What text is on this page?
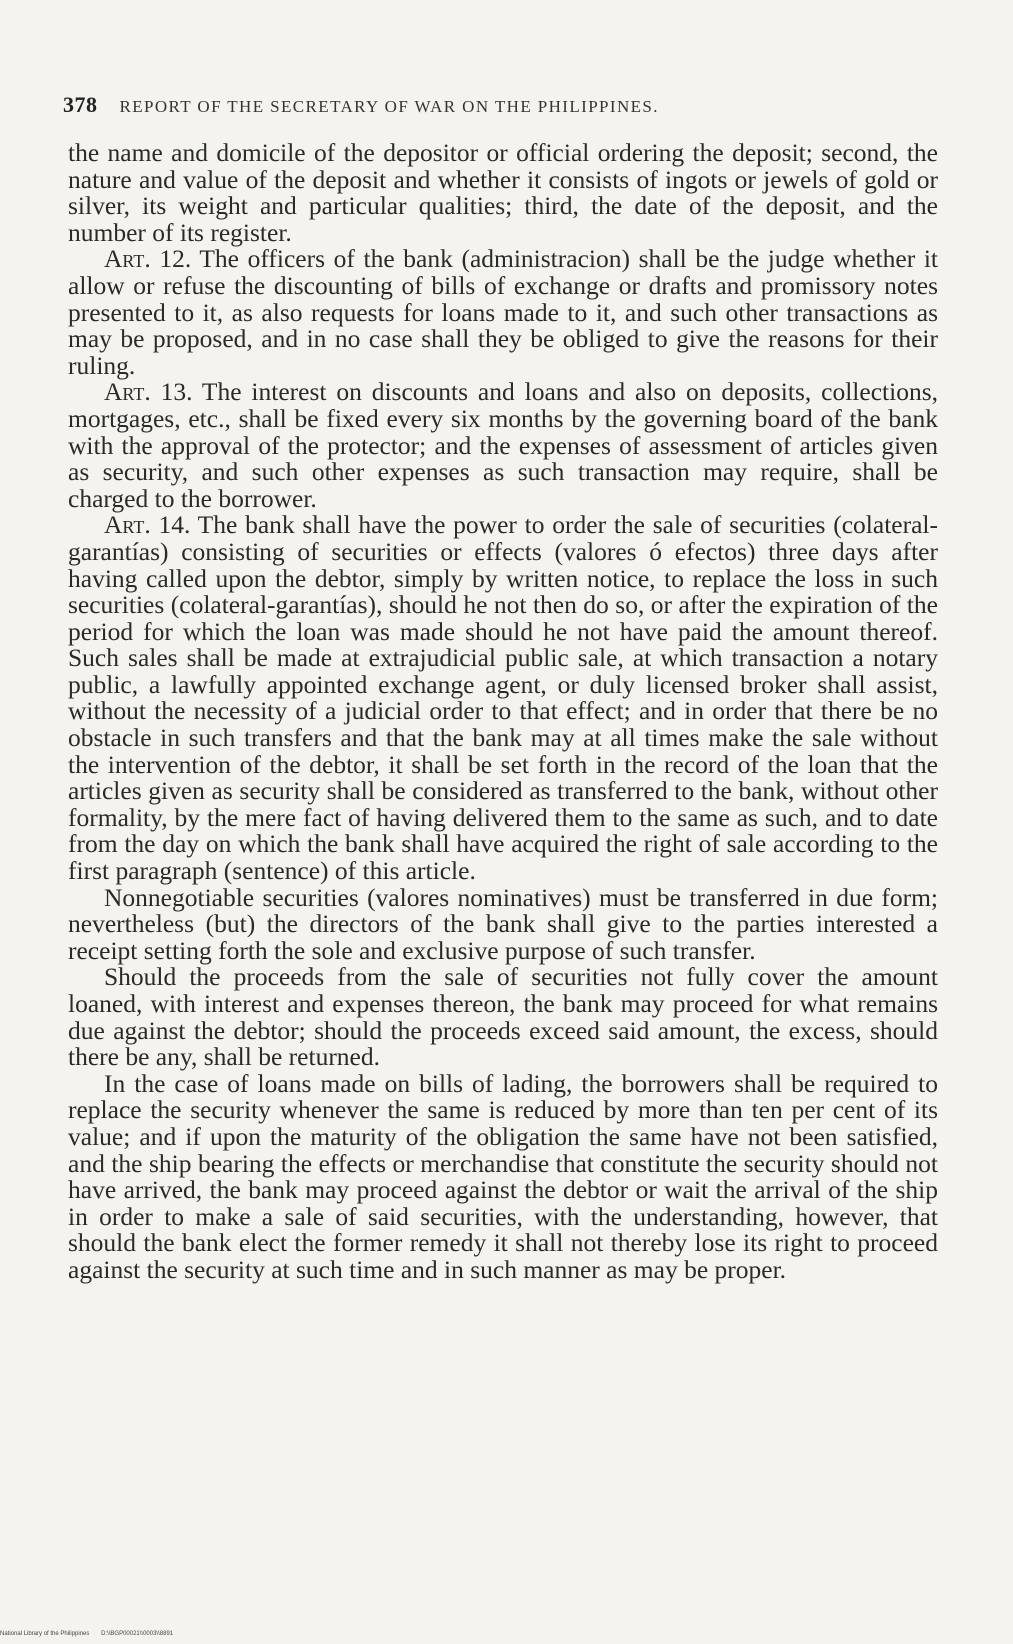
378 REPORT OF THE SECRETARY OF WAR ON THE PHILIPPINES.

the name and domicile of the depositor or official ordering the deposit; second, the nature and value of the deposit and whether it consists of ingots or jewels of gold or silver, its weight and particular qualities; third, the date of the deposit, and the number of its register.

Art. 12. The officers of the bank (administracion) shall be the judge whether it allow or refuse the discounting of bills of exchange or drafts and promissory notes presented to it, as also requests for loans made to it, and such other transactions as may be proposed, and in no case shall they be obliged to give the reasons for their ruling.

Art. 13. The interest on discounts and loans and also on deposits, collections, mortgages, etc., shall be fixed every six months by the governing board of the bank with the approval of the protector; and the expenses of assessment of articles given as security, and such other expenses as such transaction may require, shall be charged to the borrower.

Art. 14. The bank shall have the power to order the sale of securities (colateral-garantías) consisting of securities or effects (valores ó efectos) three days after having called upon the debtor, simply by written notice, to replace the loss in such securities (colateral-garantías), should he not then do so, or after the expiration of the period for which the loan was made should he not have paid the amount thereof. Such sales shall be made at extrajudicial public sale, at which transaction a notary public, a lawfully appointed exchange agent, or duly licensed broker shall assist, without the necessity of a judicial order to that effect; and in order that there be no obstacle in such transfers and that the bank may at all times make the sale without the intervention of the debtor, it shall be set forth in the record of the loan that the articles given as security shall be considered as transferred to the bank, without other formality, by the mere fact of having delivered them to the same as such, and to date from the day on which the bank shall have acquired the right of sale according to the first paragraph (sentence) of this article.

Nonnegotiable securities (valores nominatives) must be transferred in due form; nevertheless (but) the directors of the bank shall give to the parties interested a receipt setting forth the sole and exclusive purpose of such transfer.

Should the proceeds from the sale of securities not fully cover the amount loaned, with interest and expenses thereon, the bank may proceed for what remains due against the debtor; should the proceeds exceed said amount, the excess, should there be any, shall be returned.

In the case of loans made on bills of lading, the borrowers shall be required to replace the security whenever the same is reduced by more than ten per cent of its value; and if upon the maturity of the obligation the same have not been satisfied, and the ship bearing the effects or merchandise that constitute the security should not have arrived, the bank may proceed against the debtor or wait the arrival of the ship in order to make a sale of said securities, with the understanding, however, that should the bank elect the former remedy it shall not thereby lose its right to proceed against the security at such time and in such manner as may be proper.

National Library of the Philippines D:\\BGP00021\\0003\\8891
